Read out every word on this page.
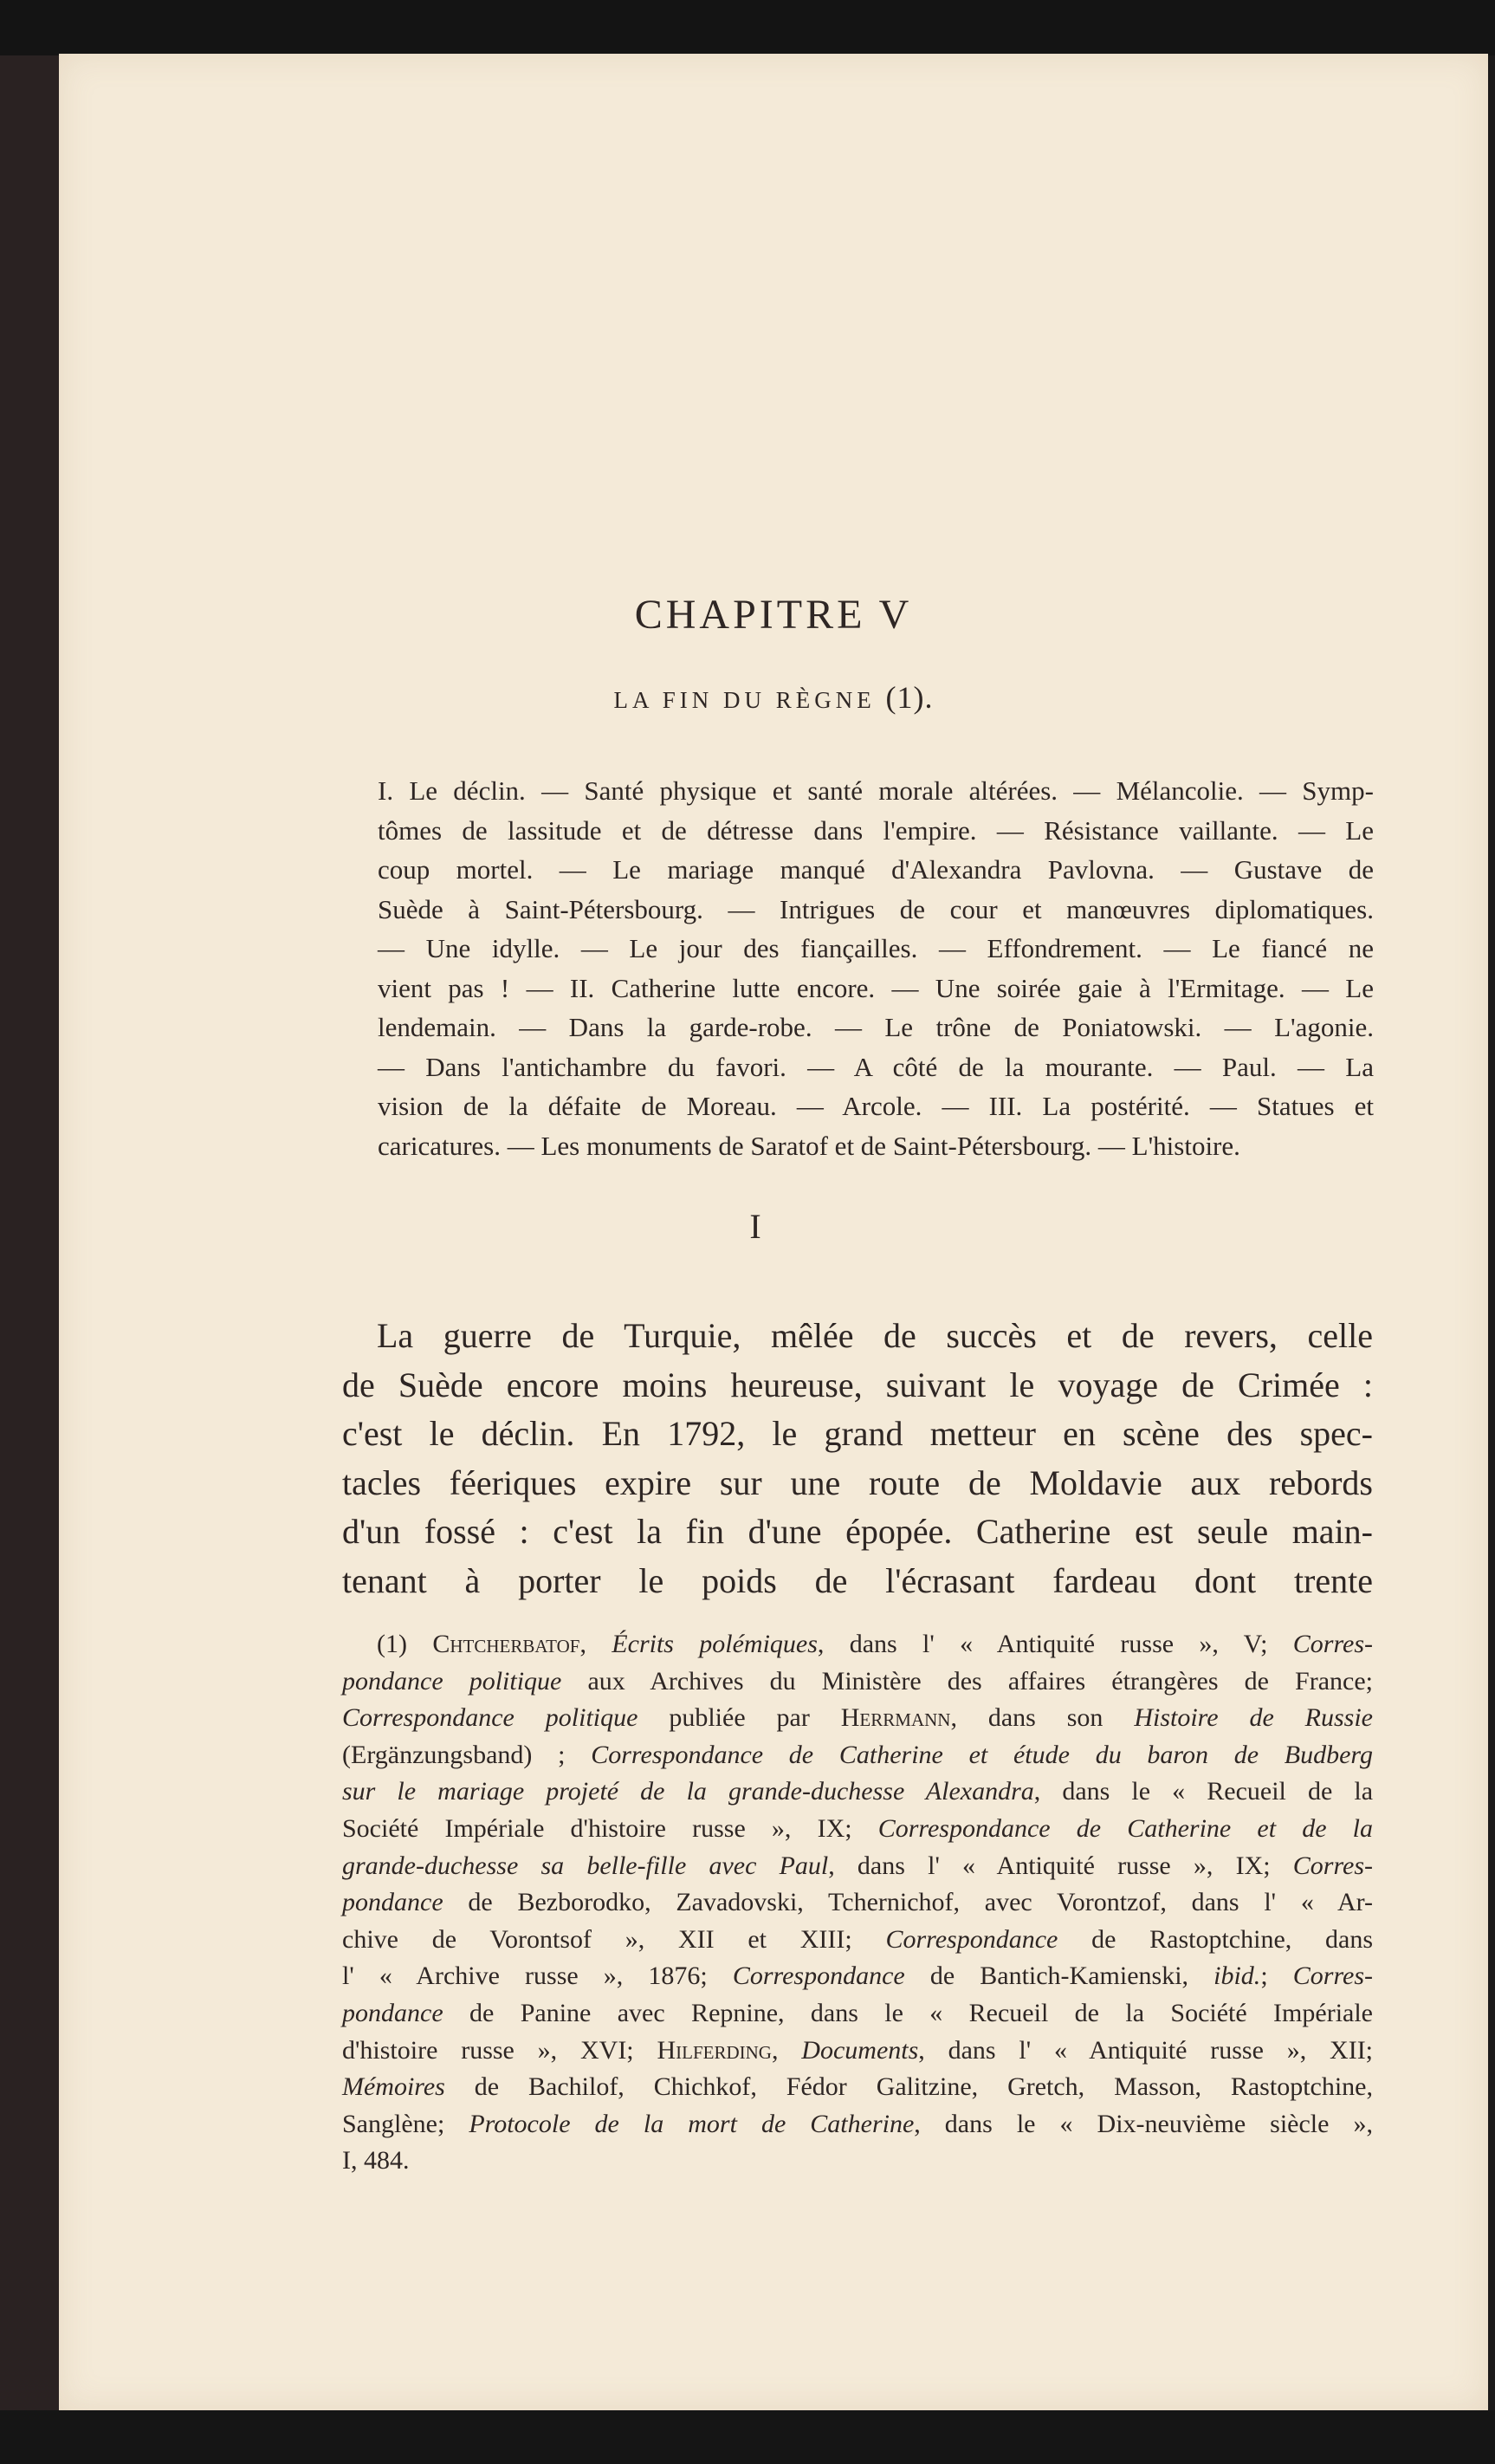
CHAPITRE V
LA FIN DU RÈGNE (1).
I. Le déclin. — Santé physique et santé morale altérées. — Mélancolie. — Symp-
tômes de lassitude et de détresse dans l'empire. — Résistance vaillante. — Le
coup mortel. — Le mariage manqué d'Alexandra Pavlovna. — Gustave de
Suède à Saint-Pétersbourg. — Intrigues de cour et manœuvres diplomatiques.
— Une idylle. — Le jour des fiançailles. — Effondrement. — Le fiancé ne
vient pas ! — II. Catherine lutte encore. — Une soirée gaie à l'Ermitage. — Le
lendemain. — Dans la garde-robe. — Le trône de Poniatowski. — L'agonie.
— Dans l'antichambre du favori. — A côté de la mourante. — Paul. — La
vision de la défaite de Moreau. — Arcole. — III. La postérité. — Statues et
caricatures. — Les monuments de Saratof et de Saint-Pétersbourg. — L'histoire.
I
La guerre de Turquie, mêlée de succès et de revers, celle
de Suède encore moins heureuse, suivant le voyage de Crimée :
c'est le déclin. En 1792, le grand metteur en scène des spec-
tacles féeriques expire sur une route de Moldavie aux rebords
d'un fossé : c'est la fin d'une épopée. Catherine est seule main-
tenant à porter le poids de l'écrasant fardeau dont trente
(1) Chtcherbatof, Écrits polémiques, dans l' « Antiquité russe », V; Corres-
pondance politique aux Archives du Ministère des affaires étrangères de France;
Correspondance politique publiée par Herrmann, dans son Histoire de Russie
(Ergänzungsband) ; Correspondance de Catherine et étude du baron de Budberg
sur le mariage projeté de la grande-duchesse Alexandra, dans le « Recueil de la
Société Impériale d'histoire russe », IX; Correspondance de Catherine et de la
grande-duchesse sa belle-fille avec Paul, dans l' « Antiquité russe », IX; Corres-
pondance de Bezborodko, Zavadovski, Tchernichof, avec Vorontzof, dans l' « Ar-
chive de Vorontsof », XII et XIII; Correspondance de Rastoptchine, dans
l' « Archive russe », 1876; Correspondance de Bantich-Kamienski, ibid.; Corres-
pondance de Panine avec Repnine, dans le « Recueil de la Société Impériale
d'histoire russe », XVI; Hilferding, Documents, dans l' « Antiquité russe », XII;
Mémoires de Bachilof, Chichkof, Fédor Galitzine, Gretch, Masson, Rastoptchine,
Sanglène; Protocole de la mort de Catherine, dans le « Dix-neuvième siècle »,
I, 484.
